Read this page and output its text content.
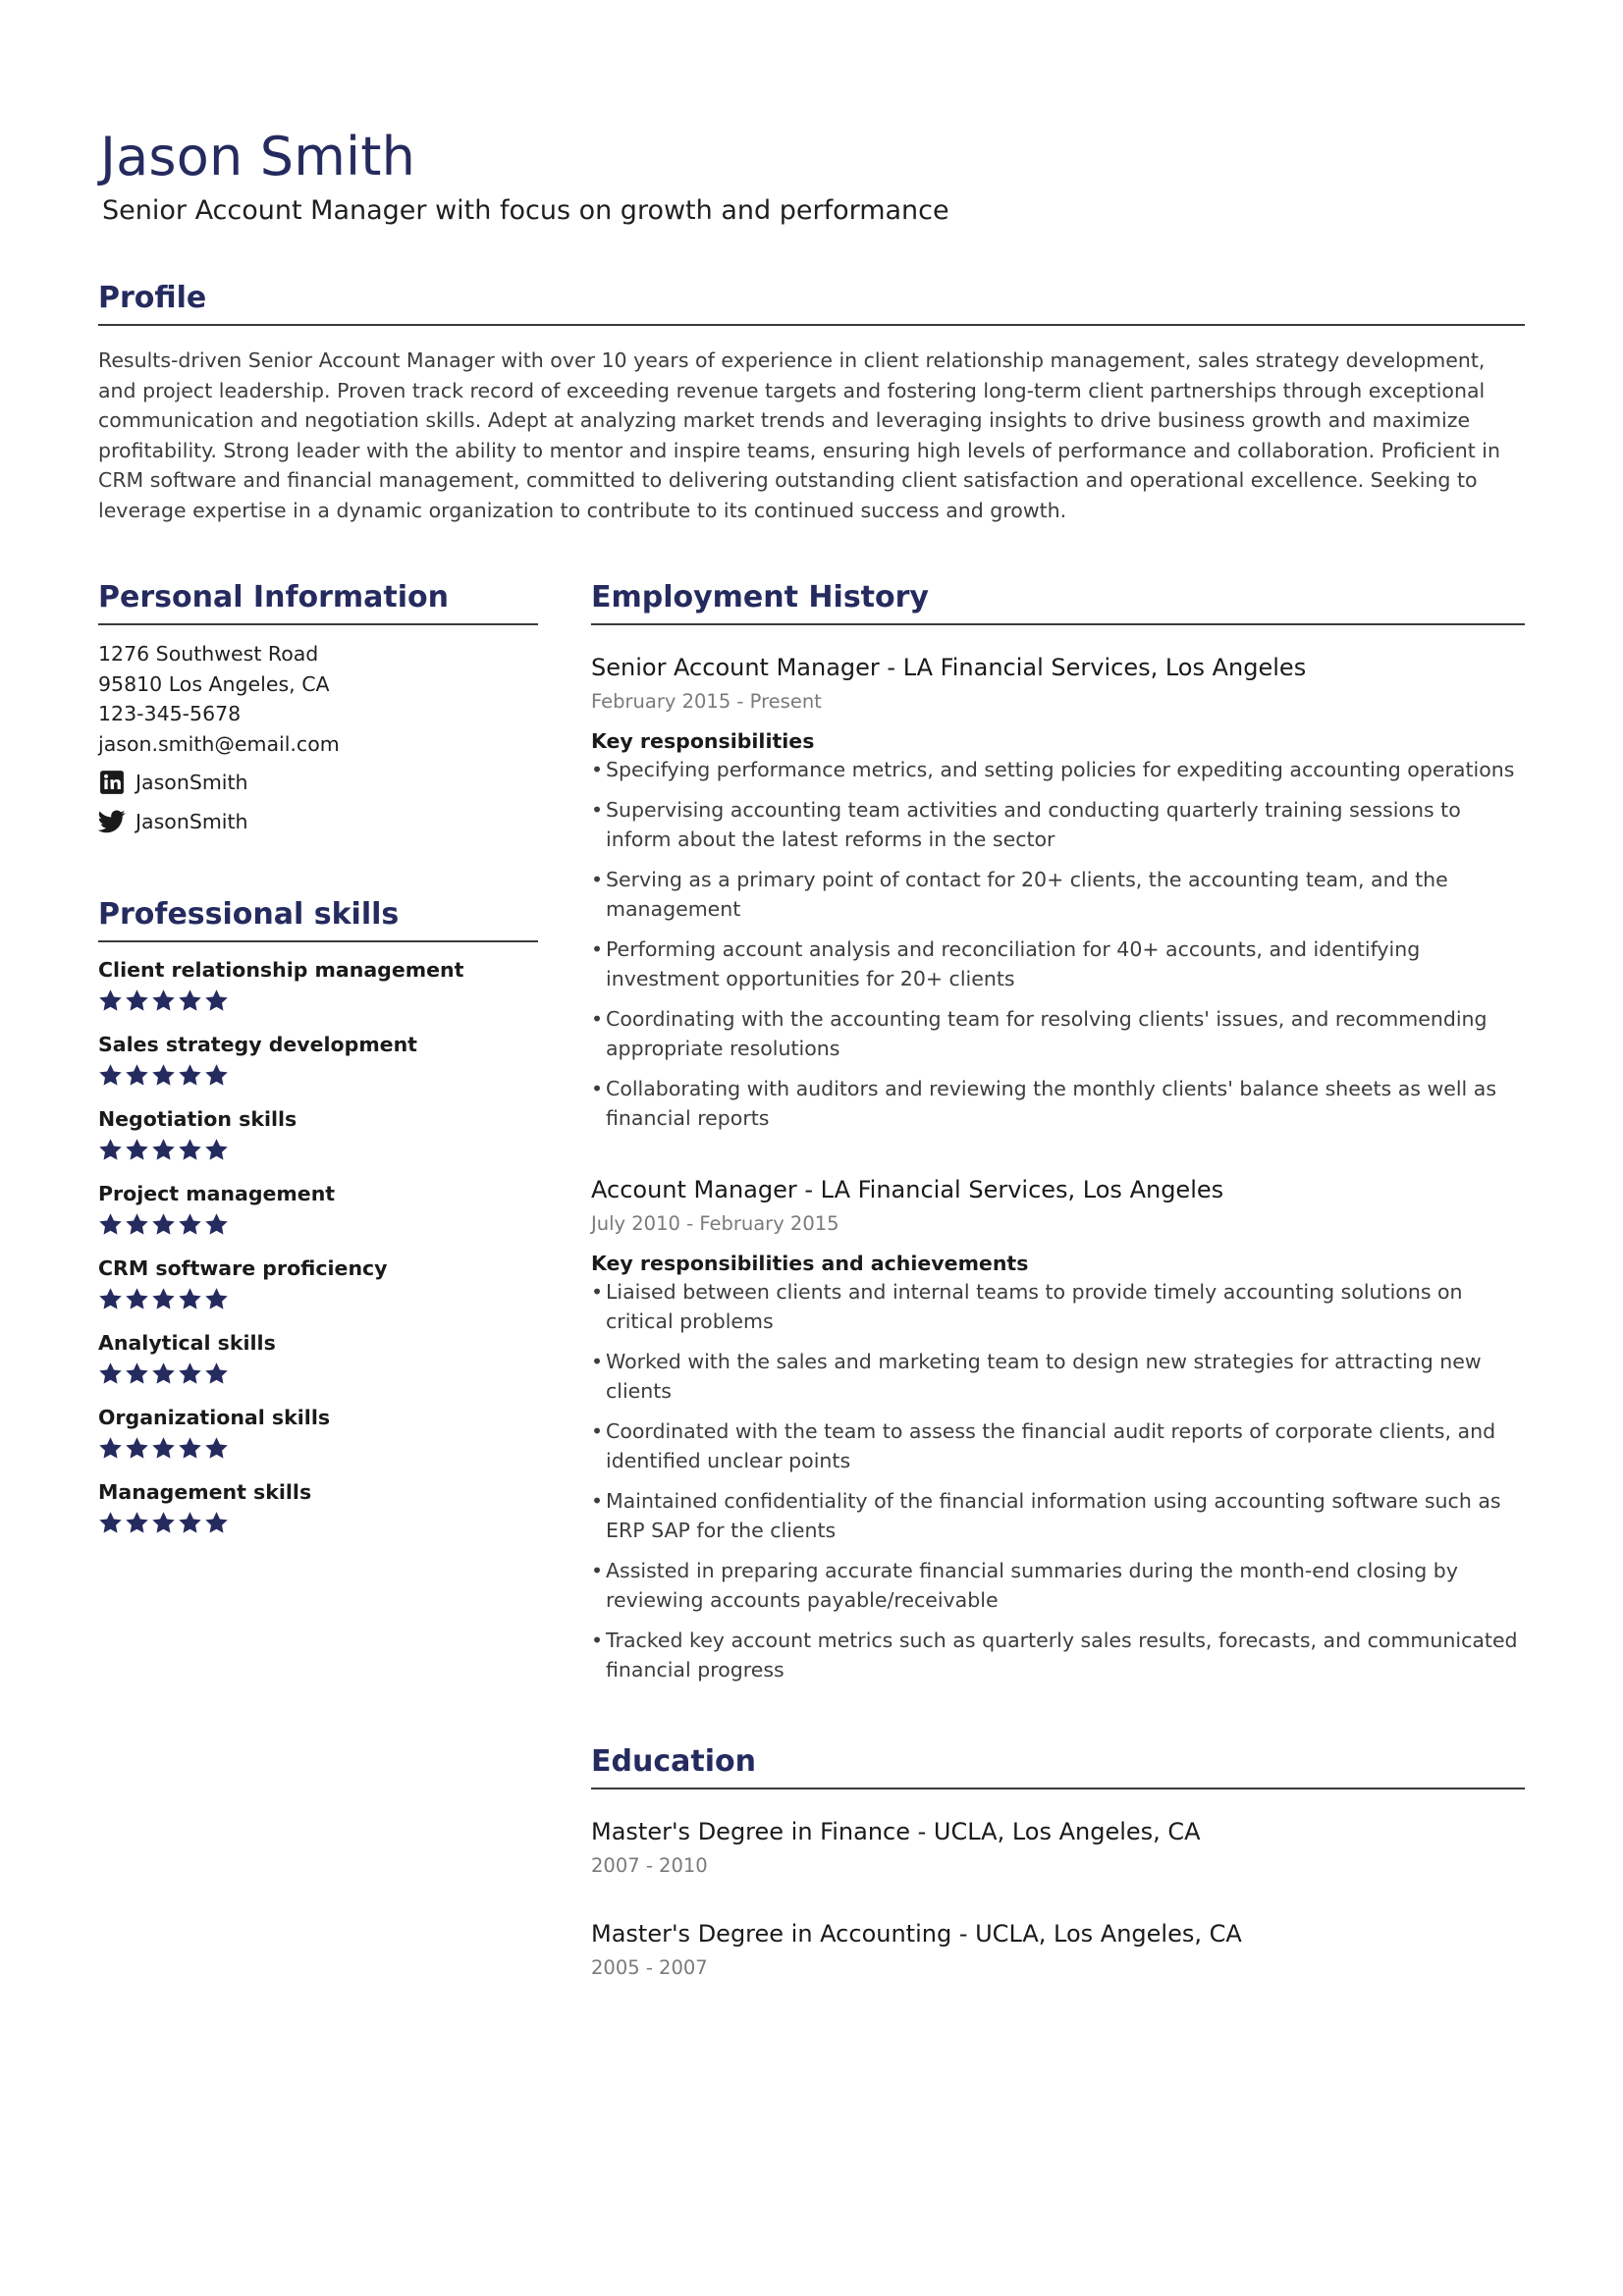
Jason Smith
Senior Account Manager with focus on growth and performance
Profile

Results-driven Senior Account Manager with over 10 years of experience in client relationship management, sales strategy development, and project leadership. Proven track record of exceeding revenue targets and fostering long-term client partnerships through exceptional communication and negotiation skills. Adept at analyzing market trends and leveraging insights to drive business growth and maximize profitability. Strong leader with the ability to mentor and inspire teams, ensuring high levels of performance and collaboration. Proficient in CRM software and financial management, committed to delivering outstanding client satisfaction and operational excellence. Seeking to leverage expertise in a dynamic organization to contribute to its continued success and growth.

Personal Information
1276 Southwest Road
95810 Los Angeles, CA
123-345-5678
jason.smith@email.com
JasonSmith
JasonSmith
Professional skills
Client relationship management
Sales strategy development
Negotiation skills
Project management
CRM software proficiency
Analytical skills
Organizational skills
Management skills
Employment History
Senior Account Manager - LA Financial Services, Los Angeles
February 2015 - Present
Key responsibilities
• Specifying performance metrics, and setting policies for expediting accounting operations
• Supervising accounting team activities and conducting quarterly training sessions to inform about the latest reforms in the sector
• Serving as a primary point of contact for 20+ clients, the accounting team, and the management
• Performing account analysis and reconciliation for 40+ accounts, and identifying investment opportunities for 20+ clients
• Coordinating with the accounting team for resolving clients' issues, and recommending appropriate resolutions
• Collaborating with auditors and reviewing the monthly clients' balance sheets as well as financial reports
Account Manager - LA Financial Services, Los Angeles
July 2010 - February 2015
Key responsibilities and achievements
• Liaised between clients and internal teams to provide timely accounting solutions on critical problems
• Worked with the sales and marketing team to design new strategies for attracting new clients
• Coordinated with the team to assess the financial audit reports of corporate clients, and identified unclear points
• Maintained confidentiality of the financial information using accounting software such as ERP SAP for the clients
• Assisted in preparing accurate financial summaries during the month-end closing by reviewing accounts payable/receivable
• Tracked key account metrics such as quarterly sales results, forecasts, and communicated financial progress
Education
Master's Degree in Finance - UCLA, Los Angeles, CA
2007 - 2010
Master's Degree in Accounting - UCLA, Los Angeles, CA
2005 - 2007
